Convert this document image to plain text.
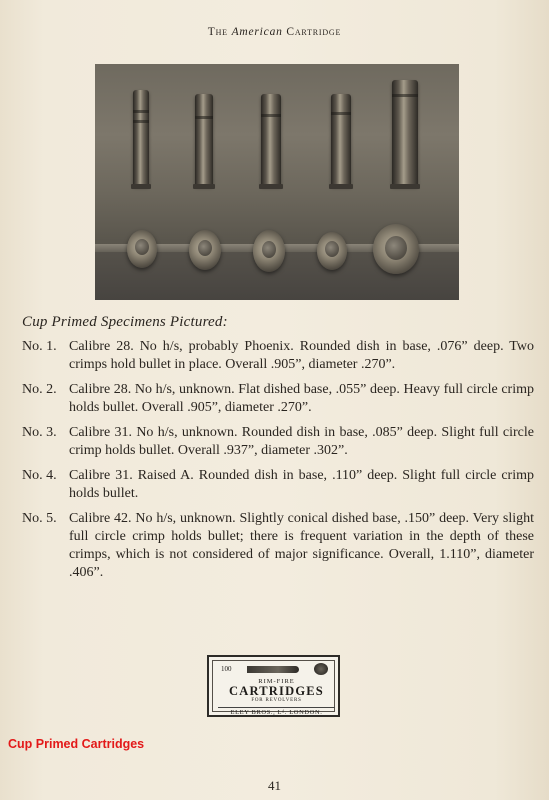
The American Cartridge
Cup Primed Specimens Pictured:
No. 1. Calibre 28. No h/s, probably Phoenix. Rounded dish in base, .076” deep. Two crimps hold bullet in place. Overall .905”, diameter .270”.
No. 2. Calibre 28. No h/s, unknown. Flat dished base, .055” deep. Heavy full circle crimp holds bullet. Overall .905”, diameter .270”.
No. 3. Calibre 31. No h/s, unknown. Rounded dish in base, .085” deep. Slight full circle crimp holds bullet. Overall .937”, diameter .302”.
No. 4. Calibre 31. Raised A. Rounded dish in base, .110” deep. Slight full circle crimp holds bullet.
No. 5. Calibre 42. No h/s, unknown. Slightly conical dished base, .150” deep. Very slight full circle crimp holds bullet; there is frequent variation in the depth of these crimps, which is not considered of major significance. Overall, 1.110”, diameter .406”.
100
RIM-FIRE
CARTRIDGES
FOR REVOLVERS
ELEY BROS., Lᵈ. LONDON.
Cup Primed Cartridges
41
